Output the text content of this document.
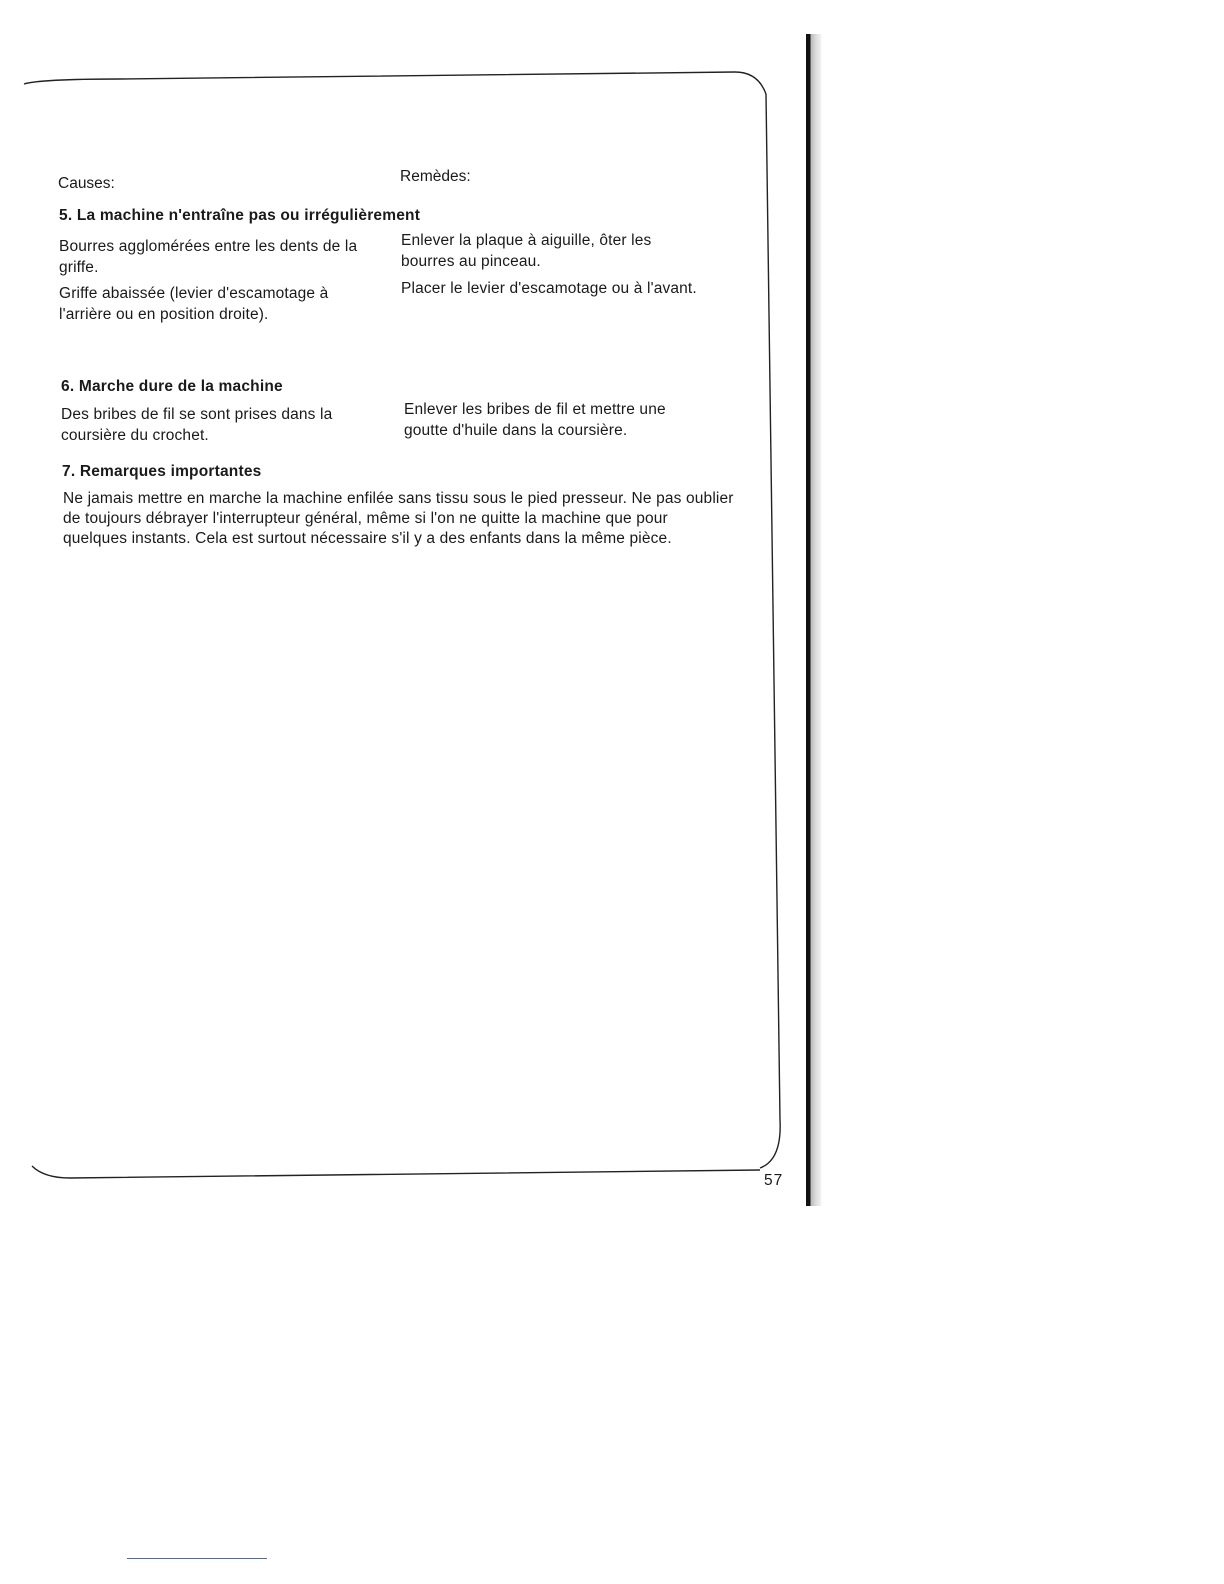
Causes:	Remèdes:
5. La machine n'entraîne pas ou irrégulièrement
Bourres agglomérées entre les dents de la griffe.
Enlever la plaque à aiguille, ôter les bourres au pinceau.
Griffe abaissée (levier d'escamotage à l'arrière ou en position droite).
Placer le levier d'escamotage ou à l'avant.
6. Marche dure de la machine
Des bribes de fil se sont prises dans la coursière du crochet.
Enlever les bribes de fil et mettre une goutte d'huile dans la coursière.
7. Remarques importantes
Ne jamais mettre en marche la machine enfilée sans tissu sous le pied presseur. Ne pas oublier de toujours débrayer l'interrupteur général, même si l'on ne quitte la machine que pour quelques instants. Cela est surtout nécessaire s'il y a des enfants dans la même pièce.
57
